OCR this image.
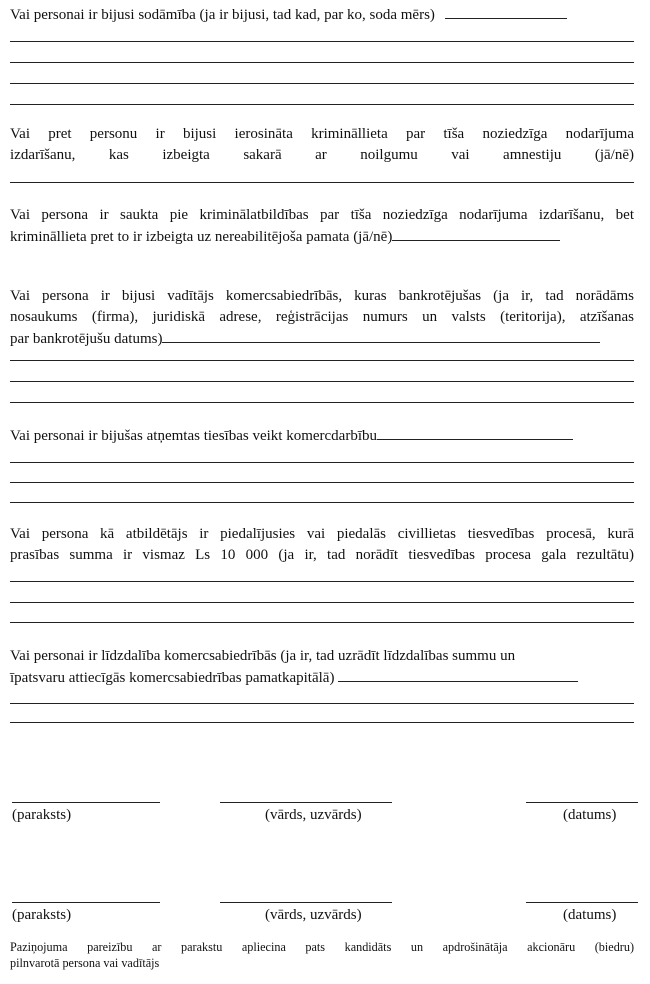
Vai personai ir bijusi sodāmība (ja ir bijusi, tad kad, par ko, soda mērs)

Vai pret personu ir bijusi ierosināta krimināllieta par tīša noziedzīga nodarījuma
izdarīšanu, kas izbeigta sakarā ar noilgumu vai amnestiju (jā/nē)

Vai persona ir saukta pie kriminālatbildības par tīša noziedzīga nodarījuma izdarīšanu, bet
krimināllieta pret to ir izbeigta uz nereabilitējoša pamata (jā/nē)

Vai persona ir bijusi vadītājs komercsabiedrībās, kuras bankrotējušas (ja ir, tad norādāms
nosaukums (firma), juridiskā adrese, reģistrācijas numurs un valsts (teritorija), atzīšanas
par bankrotējušu datums)

Vai personai ir bijušas atņemtas tiesības veikt komercdarbību

Vai persona kā atbildētājs ir piedalījusies vai piedalās civillietas tiesvedības procesā, kurā
prasības summa ir vismaz Ls 10 000 (ja ir, tad norādīt tiesvedības procesa gala rezultātu)

Vai personai ir līdzdalība komercsabiedrībās (ja ir, tad uzrādīt līdzdalības summu un
īpatsvaru attiecīgās komercsabiedrības pamatkapitālā)

(paraksts)	(vārds, uzvārds)	(datums)
(paraksts)	(vārds, uzvārds)	(datums)
Paziņojuma pareizību ar parakstu apliecina pats kandidāts un apdrošinātāja akcionāru (biedru)
pilnvarotā persona vai vadītājs
